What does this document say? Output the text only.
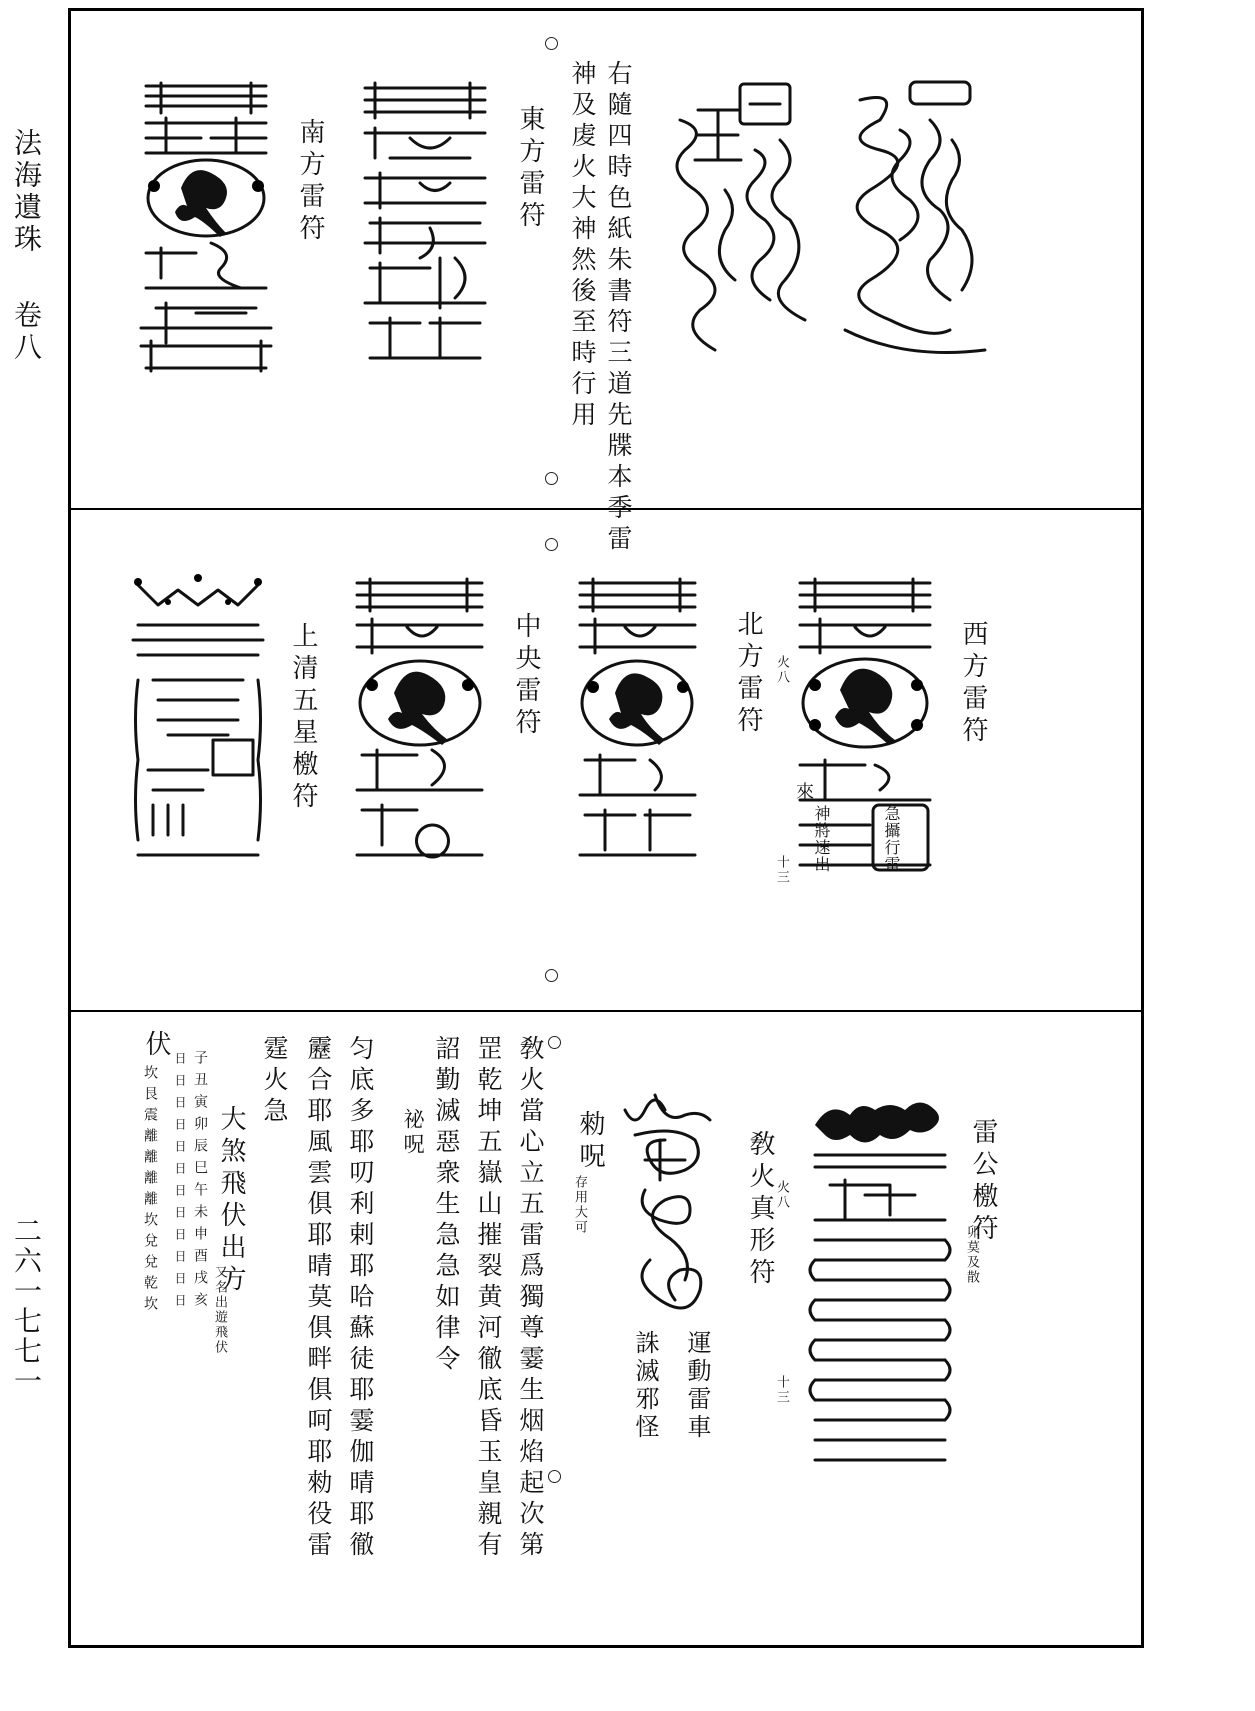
法海遺珠
卷八
二六一七七一
右隨四時色紙朱書符三道先牒本季雷
神及䖍火大神然後至時行用
東方雷符
南方雷符
西方雷符
急攝行雷
神將速出
來
火八
十三
北方雷符
中央雷符
上清五星檄符
雷公檄符
卯莫及散
十三
敎火真形符 火八
運動雷車
誅滅邪怪
勑呪
存用大可
敎火當心立五雷爲獨尊霎生烟焰起次第
罡乾坤五嶽山摧裂黄河徹底昏玉皇親有
詔勤滅惡衆生急急如律令
祕呪
匀底多耶叨利剌耶哈蘇徒耶霎伽晴耶徹
靂合耶風雲俱耶晴莫俱畔俱呵耶勑役雷
霆火急
大煞飛伏出方
又名出遊飛伏
伏 子
丑
寅
卯
辰
巳
午
未
申
酉
戌
亥
日
日
日
日
日
日
日
日
日
日
日
日
坎艮震離離離離坎兌兌乾坎
